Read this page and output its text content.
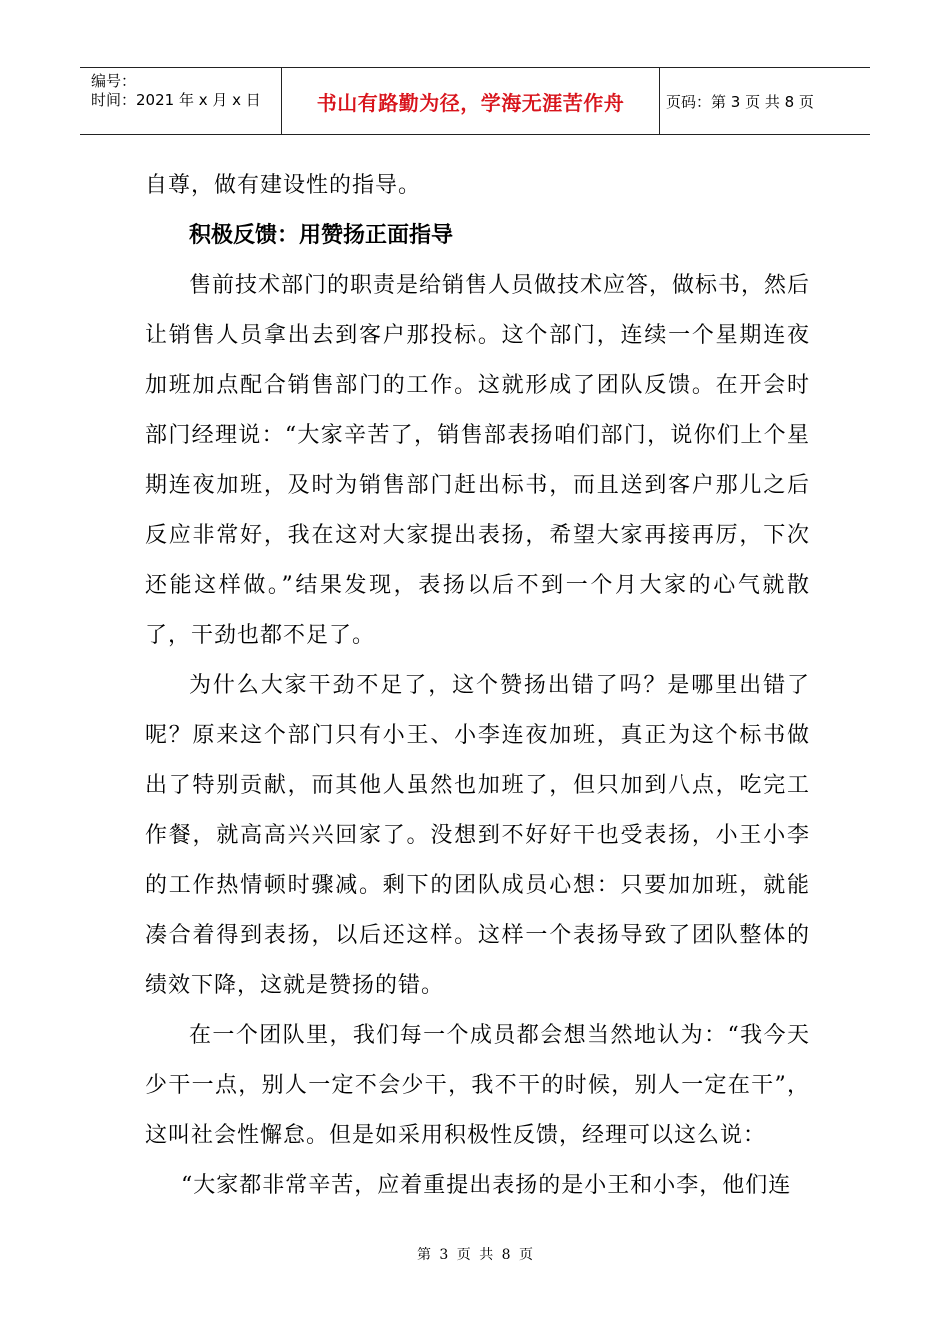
编号：
时间：2021 年 x 月 x 日	书山有路勤为径，学海无涯苦作舟	页码：第 3 页 共 8 页

自尊，做有建设性的指导。

积极反馈：用赞扬正面指导

售前技术部门的职责是给销售人员做技术应答，做标书，然后让销售人员拿出去到客户那投标。这个部门，连续一个星期连夜加班加点配合销售部门的工作。这就形成了团队反馈。在开会时部门经理说：“大家辛苦了，销售部表扬咱们部门，说你们上个星期连夜加班，及时为销售部门赶出标书，而且送到客户那儿之后反应非常好，我在这对大家提出表扬，希望大家再接再厉，下次还能这样做。”结果发现，表扬以后不到一个月大家的心气就散了，干劲也都不足了。

为什么大家干劲不足了，这个赞扬出错了吗？是哪里出错了呢？原来这个部门只有小王、小李连夜加班，真正为这个标书做出了特别贡献，而其他人虽然也加班了，但只加到八点，吃完工作餐，就高高兴兴回家了。没想到不好好干也受表扬，小王小李的工作热情顿时骤减。剩下的团队成员心想：只要加加班，就能凑合着得到表扬，以后还这样。这样一个表扬导致了团队整体的绩效下降，这就是赞扬的错。

在一个团队里，我们每一个成员都会想当然地认为：“我今天少干一点，别人一定不会少干，我不干的时候，别人一定在干”，这叫社会性懈怠。但是如采用积极性反馈，经理可以这么说：

“大家都非常辛苦，应着重提出表扬的是小王和小李，他们连

第 3 页 共 8 页
